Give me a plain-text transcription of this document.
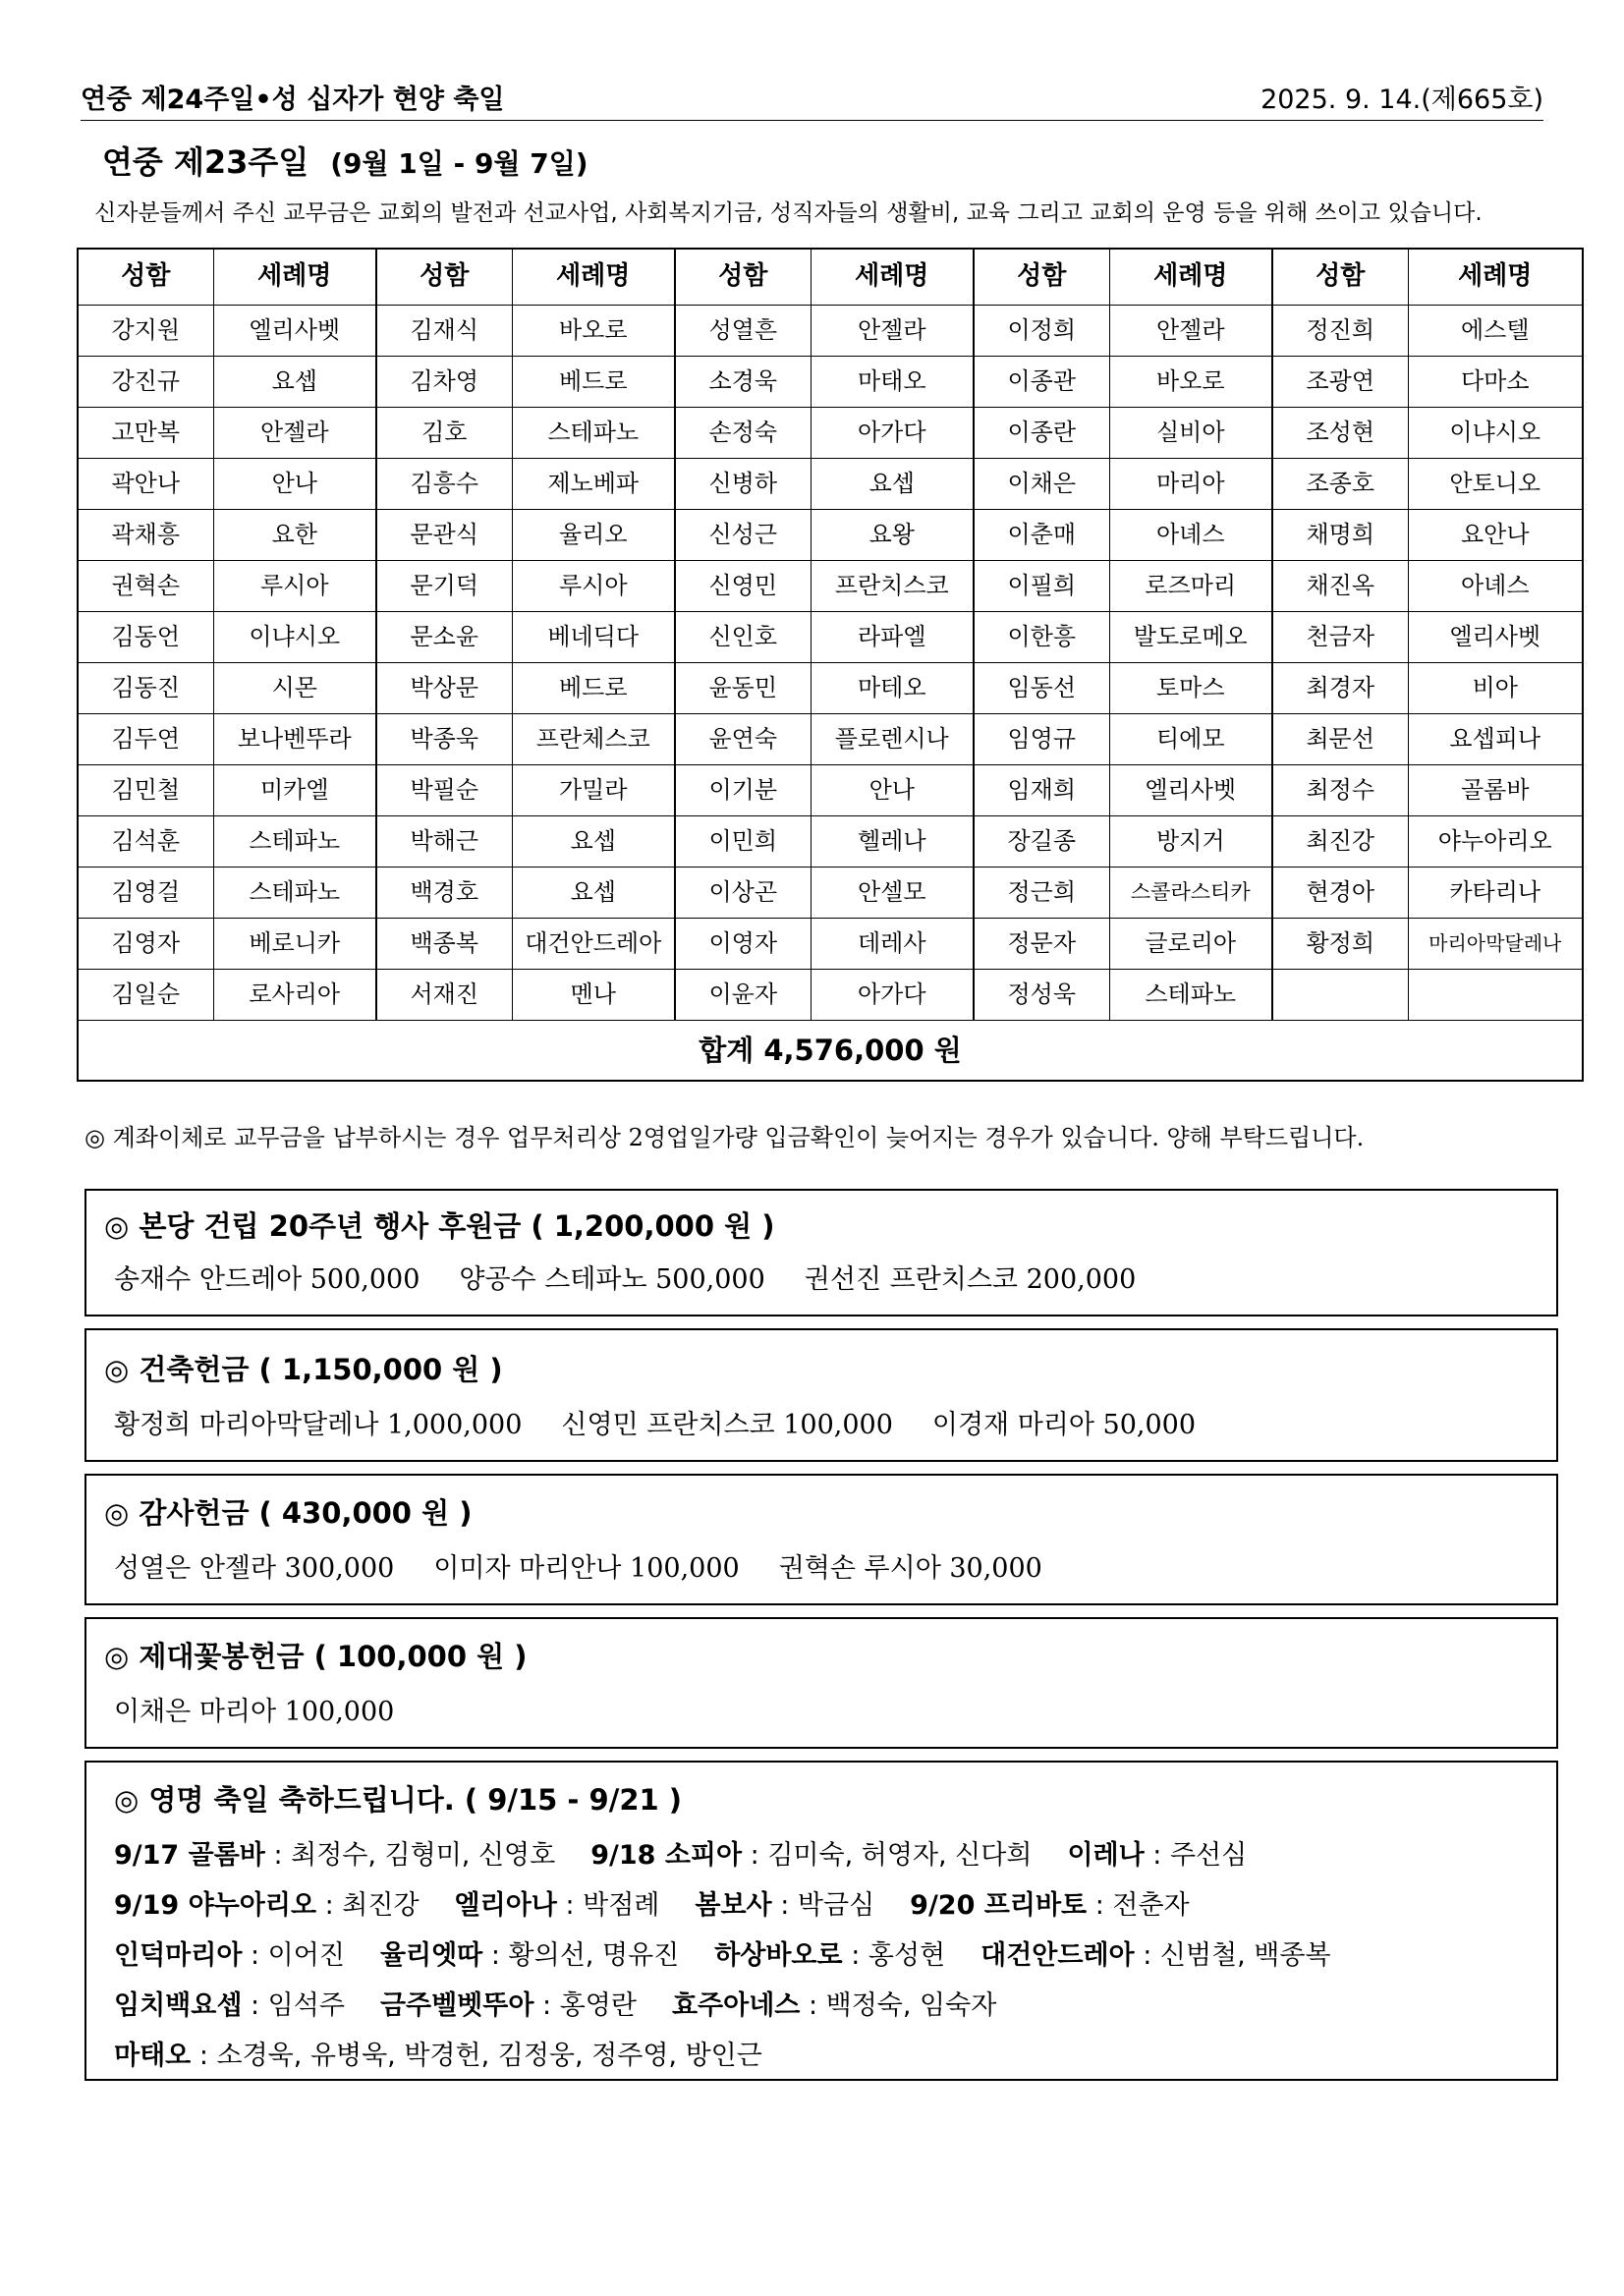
연중 제24주일•성 십자가 현양 축일	2025. 9. 14.(제665호)
연중 제23주일 (9월 1일 - 9월 7일)
신자분들께서 주신 교무금은 교회의 발전과 선교사업, 사회복지기금, 성직자들의 생활비, 교육 그리고 교회의 운영 등을 위해 쓰이고 있습니다.
성함	세례명	성함	세례명	성함	세례명	성함	세례명	성함	세례명
강지원	엘리사벳	김재식	바오로	성열흔	안젤라	이정희	안젤라	정진희	에스텔
강진규	요셉	김차영	베드로	소경욱	마태오	이종관	바오로	조광연	다마소
고만복	안젤라	김호	스테파노	손정숙	아가다	이종란	실비아	조성현	이냐시오
곽안나	안나	김흥수	제노베파	신병하	요셉	이채은	마리아	조종호	안토니오
곽채흥	요한	문관식	율리오	신성근	요왕	이춘매	아녜스	채명희	요안나
권혁손	루시아	문기덕	루시아	신영민	프란치스코	이필희	로즈마리	채진옥	아녜스
김동언	이냐시오	문소윤	베네딕다	신인호	라파엘	이한흥	발도로메오	천금자	엘리사벳
김동진	시몬	박상문	베드로	윤동민	마테오	임동선	토마스	최경자	비아
김두연	보나벤뚜라	박종욱	프란체스코	윤연숙	플로렌시나	임영규	티에모	최문선	요셉피나
김민철	미카엘	박필순	가밀라	이기분	안나	임재희	엘리사벳	최정수	골롬바
김석훈	스테파노	박해근	요셉	이민희	헬레나	장길종	방지거	최진강	야누아리오
김영걸	스테파노	백경호	요셉	이상곤	안셀모	정근희	스콜라스티카	현경아	카타리나
김영자	베로니카	백종복	대건안드레아	이영자	데레사	정문자	글로리아	황정희	마리아막달레나
김일순	로사리아	서재진	멘나	이윤자	아가다	정성욱	스테파노		
합계 4,576,000 원									
◎ 계좌이체로 교무금을 납부하시는 경우 업무처리상 2영업일가량 입금확인이 늦어지는 경우가 있습니다. 양해 부탁드립니다.
◎ 본당 건립 20주년 행사 후원금 ( 1,200,000 원 )
송재수 안드레아 500,000 양공수 스테파노 500,000 권선진 프란치스코 200,000
◎ 건축헌금 ( 1,150,000 원 )
황정희 마리아막달레나 1,000,000 신영민 프란치스코 100,000 이경재 마리아 50,000
◎ 감사헌금 ( 430,000 원 )
성열은 안젤라 300,000 이미자 마리안나 100,000 권혁손 루시아 30,000
◎ 제대꽃봉헌금 ( 100,000 원 )
이채은 마리아 100,000
◎ 영명 축일 축하드립니다. ( 9/15 - 9/21 )
9/17 골롬바 : 최정수, 김형미, 신영호 9/18 소피아 : 김미숙, 허영자, 신다희 이레나 : 주선심
9/19 야누아리오 : 최진강 엘리아나 : 박점례 봄보사 : 박금심 9/20 프리바토 : 전춘자
인덕마리아 : 이어진 율리엣따 : 황의선, 명유진 하상바오로 : 홍성현 대건안드레아 : 신범철, 백종복
임치백요셉 : 임석주 금주벨벳뚜아 : 홍영란 효주아네스 : 백정숙, 임숙자
마태오 : 소경욱, 유병욱, 박경헌, 김정웅, 정주영, 방인근
